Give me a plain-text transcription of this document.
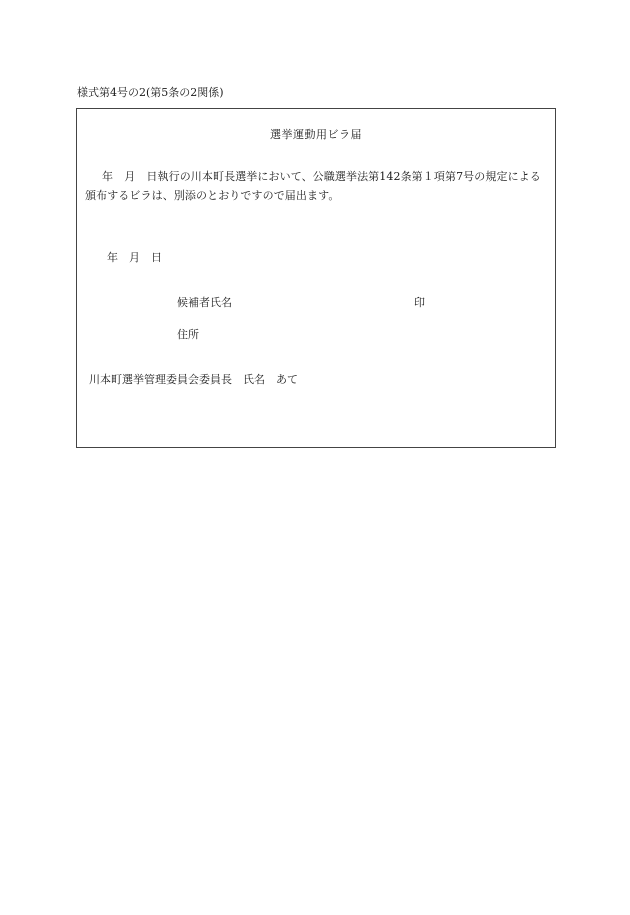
様式第4号の2(第5条の2関係)
選挙運動用ビラ届
年　月　日執行の川本町長選挙において、公職選挙法第142条第１項第7号の規定による頒布するビラは、別添のとおりですので届出ます。
年　月　日
候補者氏名	印
住所
川本町選挙管理委員会委員長　氏名　あて
